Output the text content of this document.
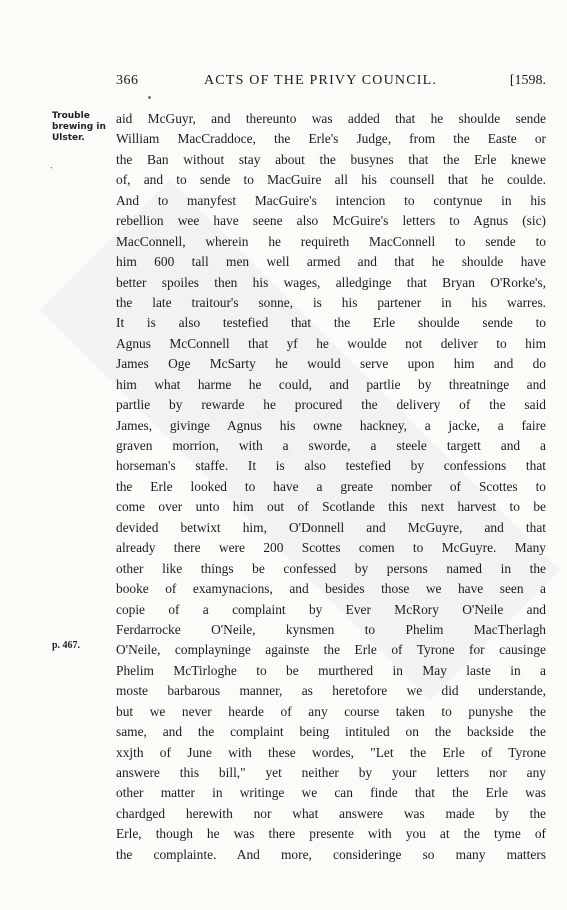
366	ACTS OF THE PRIVY COUNCIL.	[1598.
Trouble
brewing in
Ulster.
ˏ
p. 467.
aid McGuyr, and thereunto was added that he shoulde sende
William MacCraddoce, the Erle's Judge, from the Easte or
the Ban without stay about the busynes that the Erle knewe
of, and to sende to MacGuire all his counsell that he coulde.
And to manyfest MacGuire's intencion to contynue in his
rebellion wee have seene also McGuire's letters to Agnus (sic)
MacConnell, wherein he requireth MacConnell to sende to
him 600 tall men well armed and that he shoulde have
better spoiles then his wages, alledginge that Bryan O'Rorke's,
the late traitour's sonne, is his partener in his warres.
It is also testefied that the Erle shoulde sende to
Agnus McConnell that yf he woulde not deliver to him
James Oge McSarty he would serve upon him and do
him what harme he could, and partlie by threatninge and
partlie by rewarde he procured the delivery of the said
James, givinge Agnus his owne hackney, a jacke, a faire
graven morrion, with a sworde, a steele targett and a
horseman's staffe. It is also testefied by confessions that
the Erle looked to have a greate nomber of Scottes to
come over unto him out of Scotlande this next harvest to be
devided betwixt him, O'Donnell and McGuyre, and that
already there were 200 Scottes comen to McGuyre. Many
other like things be confessed by persons named in the
booke of examynacions, and besides those we have seen a
copie of a complaint by Ever McRory O'Neile and
Ferdarrocke O'Neile, kynsmen to Phelim MacTherlagh
O'Neile, complayninge againste the Erle of Tyrone for causinge
Phelim McTirloghe to be murthered in May laste in a
moste barbarous manner, as heretofore we did understande,
but we never hearde of any course taken to punyshe the
same, and the complaint being intituled on the backside the
xxjth of June with these wordes, "Let the Erle of Tyrone
answere this bill," yet neither by your letters nor any
other matter in writinge we can finde that the Erle was
chardged herewith nor what answere was made by the
Erle, though he was there presente with you at the tyme of
the complainte. And more, consideringe so many matters
